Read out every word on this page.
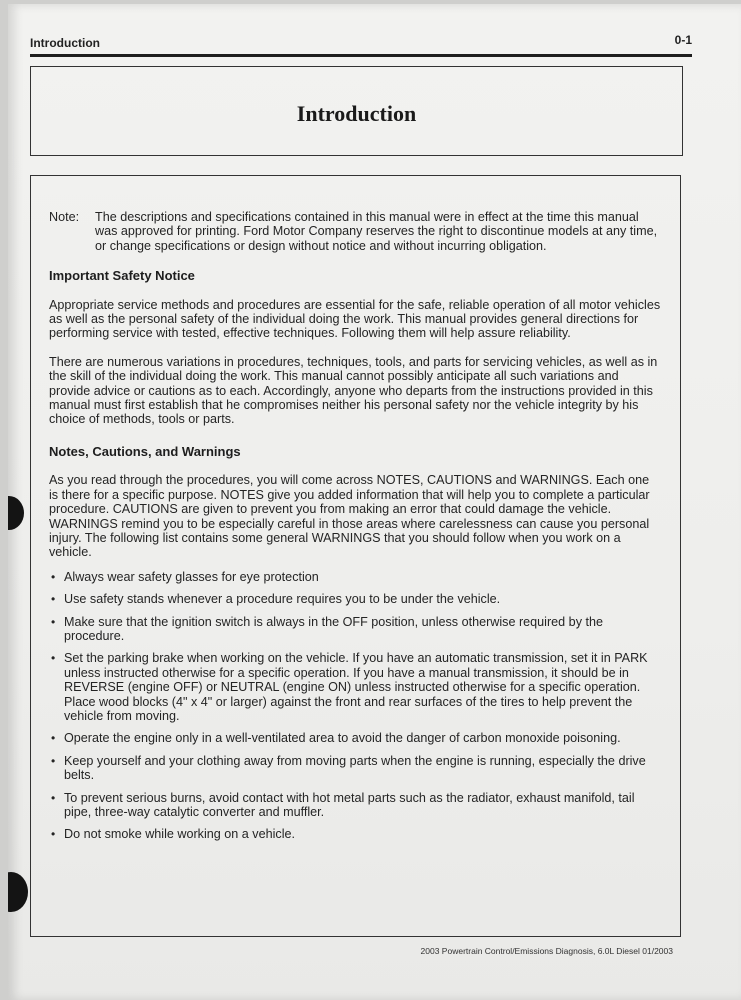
Introduction	0-1
Introduction
Note:	The descriptions and specifications contained in this manual were in effect at the time this manual was approved for printing. Ford Motor Company reserves the right to discontinue models at any time, or change specifications or design without notice and without incurring obligation.
Important Safety Notice

Appropriate service methods and procedures are essential for the safe, reliable operation of all motor vehicles as well as the personal safety of the individual doing the work. This manual provides general directions for performing service with tested, effective techniques. Following them will help assure reliability.

There are numerous variations in procedures, techniques, tools, and parts for servicing vehicles, as well as in the skill of the individual doing the work. This manual cannot possibly anticipate all such variations and provide advice or cautions as to each. Accordingly, anyone who departs from the instructions provided in this manual must first establish that he compromises neither his personal safety nor the vehicle integrity by his choice of methods, tools or parts.

Notes, Cautions, and Warnings

As you read through the procedures, you will come across NOTES, CAUTIONS and WARNINGS. Each one is there for a specific purpose. NOTES give you added information that will help you to complete a particular procedure. CAUTIONS are given to prevent you from making an error that could damage the vehicle. WARNINGS remind you to be especially careful in those areas where carelessness can cause you personal injury. The following list contains some general WARNINGS that you should follow when you work on a vehicle.

• Always wear safety glasses for eye protection
• Use safety stands whenever a procedure requires you to be under the vehicle.
• Make sure that the ignition switch is always in the OFF position, unless otherwise required by the procedure.
• Set the parking brake when working on the vehicle. If you have an automatic transmission, set it in PARK unless instructed otherwise for a specific operation. If you have a manual transmission, it should be in REVERSE (engine OFF) or NEUTRAL (engine ON) unless instructed otherwise for a specific operation. Place wood blocks (4" x 4" or larger) against the front and rear surfaces of the tires to help prevent the vehicle from moving.
• Operate the engine only in a well-ventilated area to avoid the danger of carbon monoxide poisoning.
• Keep yourself and your clothing away from moving parts when the engine is running, especially the drive belts.
• To prevent serious burns, avoid contact with hot metal parts such as the radiator, exhaust manifold, tail pipe, three-way catalytic converter and muffler.
• Do not smoke while working on a vehicle.
2003 Powertrain Control/Emissions Diagnosis, 6.0L Diesel 01/2003
